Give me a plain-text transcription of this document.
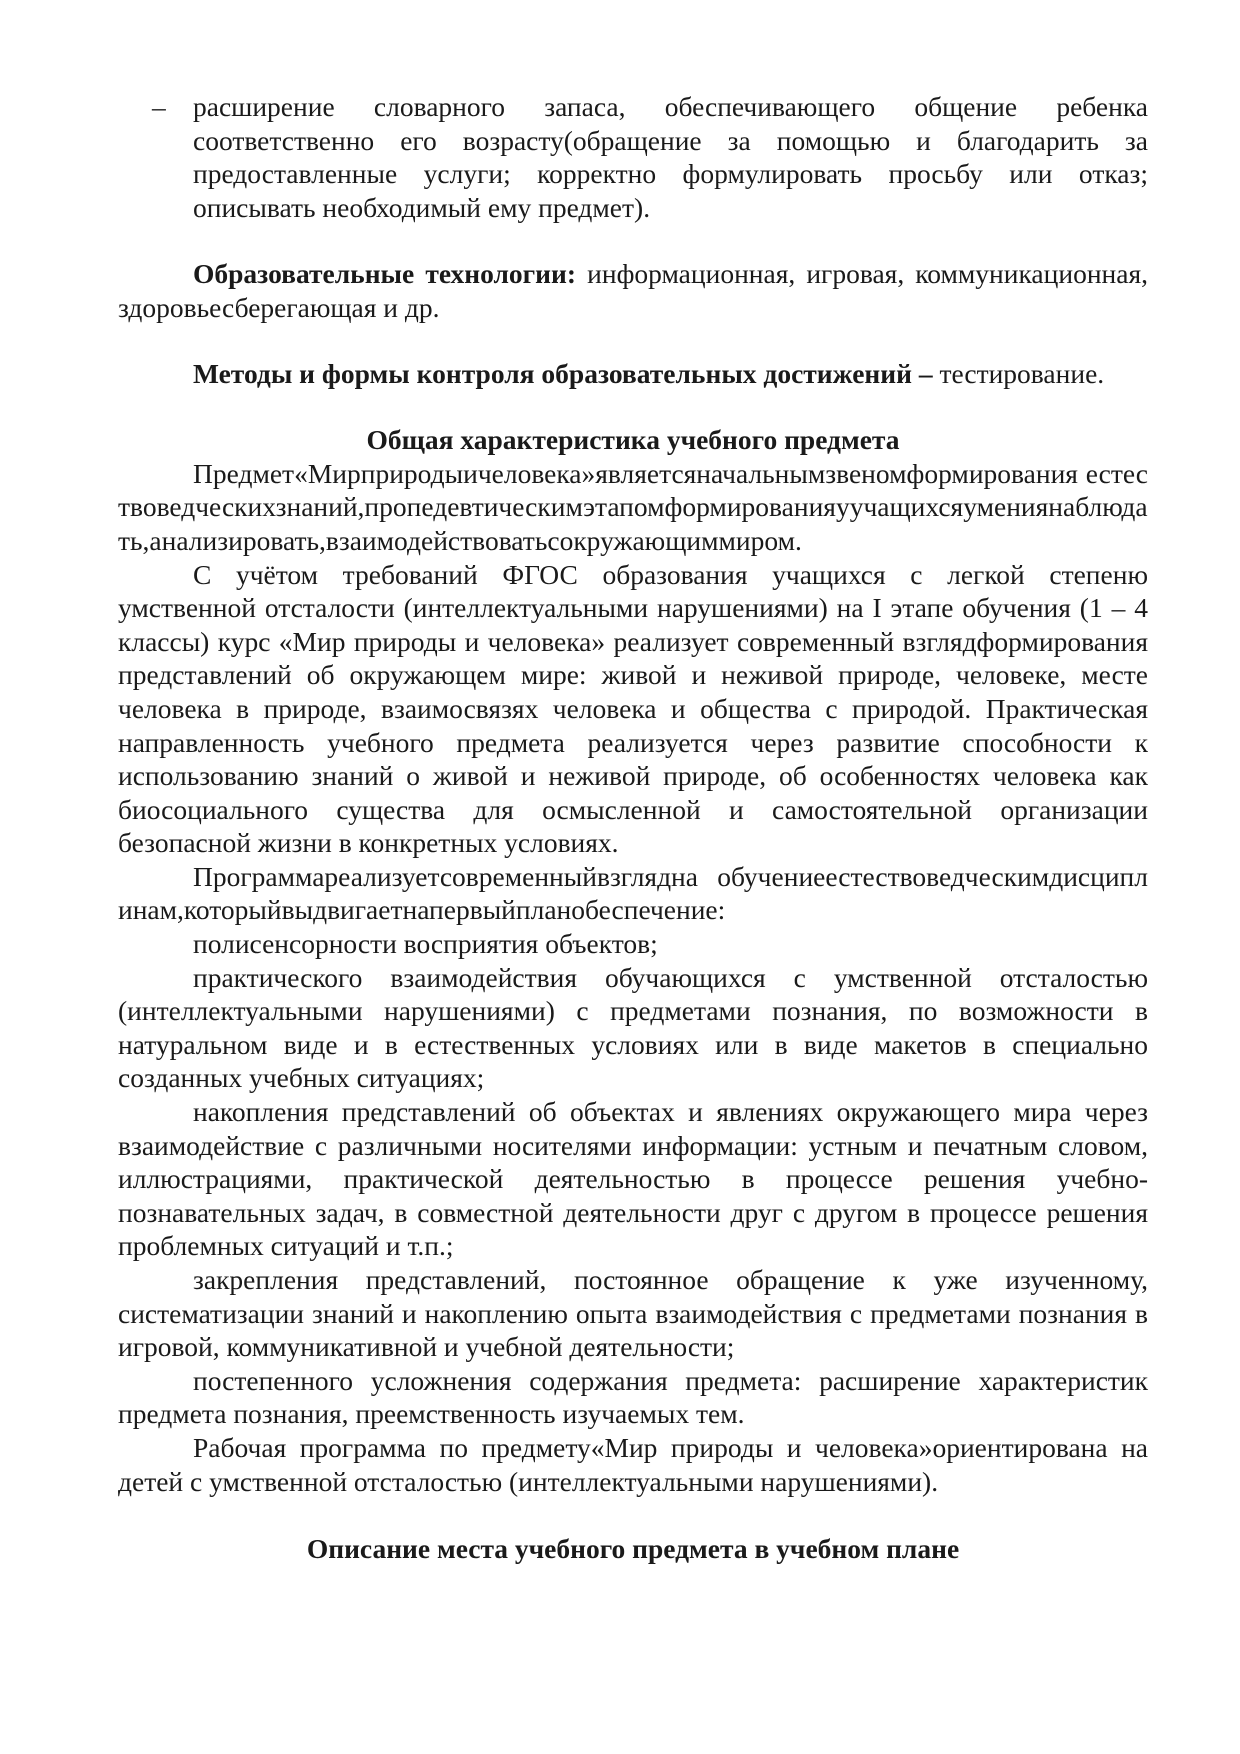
– расширение словарного запаса, обеспечивающего общение ребенка соответственно его возрасту(обращение за помощью и благодарить за предоставленные услуги; корректно формулировать просьбу или отказ; описывать необходимый ему предмет).

Образовательные технологии: информационная, игровая, коммуникационная, здоровьесберегающая и др.

Методы и формы контроля образовательных достижений – тестирование.

Общая характеристика учебного предмета

Предмет«Мирприродыичеловека»являетсяначальнымзвеномформирования естествоведческихзнаний,пропедевтическимэтапомформированияуучащихсяумениянаблюдать,анализировать,взаимодействоватьсокружающиммиром.

С учётом требований ФГОС образования учащихся с легкой степеню умственной отсталости (интеллектуальными нарушениями) на I этапе обучения (1 – 4 классы) курс «Мир природы и человека» реализует современный взглядформирования представлений об окружающем мире: живой и неживой природе, человеке, месте человека в природе, взаимосвязях человека и общества с природой. Практическая направленность учебного предмета реализуется через развитие способности к использованию знаний о живой и неживой природе, об особенностях человека как биосоциального существа для осмысленной и самостоятельной организации безопасной жизни в конкретных условиях.

Программареализуетсовременныйвзглядна обучениеестествоведческимдисциплинам,которыйвыдвигаетнапервыйпланобеспечение:

полисенсорности восприятия объектов;

практического взаимодействия обучающихся с умственной отсталостью (интеллектуальными нарушениями) с предметами познания, по возможности в натуральном виде и в естественных условиях или в виде макетов в специально созданных учебных ситуациях;

накопления представлений об объектах и явлениях окружающего мира через взаимодействие с различными носителями информации: устным и печатным словом, иллюстрациями, практической деятельностью в процессе решения учебно-познавательных задач, в совместной деятельности друг с другом в процессе решения проблемных ситуаций и т.п.;

закрепления представлений, постоянное обращение к уже изученному, систематизации знаний и накоплению опыта взаимодействия с предметами познания в игровой, коммуникативной и учебной деятельности;

постепенного усложнения содержания предмета: расширение характеристик предмета познания, преемственность изучаемых тем.

Рабочая программа по предмету«Мир природы и человека»ориентирована на детей с умственной отсталостью (интеллектуальными нарушениями).

Описание места учебного предмета в учебном плане
